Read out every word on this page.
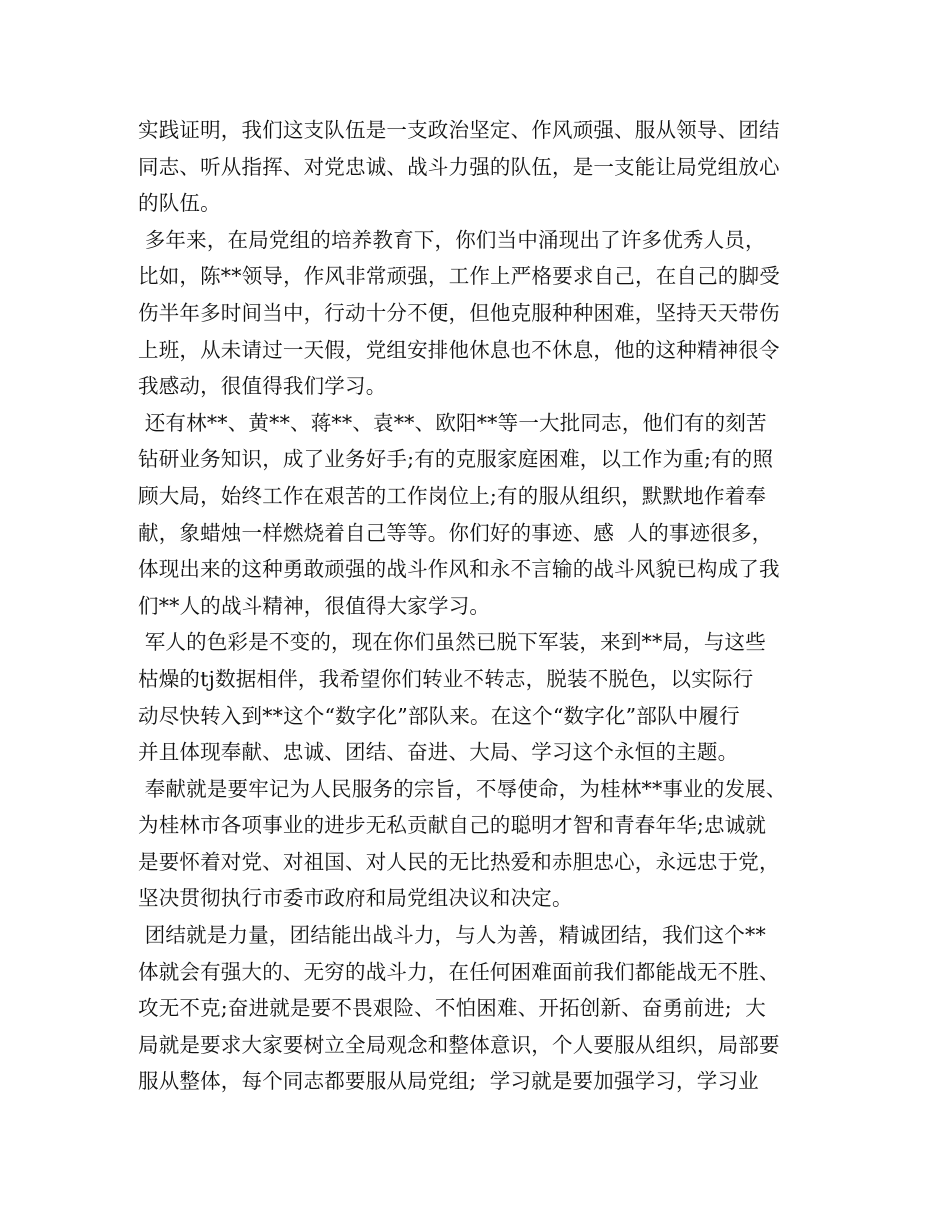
实践证明，我们这支队伍是一支政治坚定、作风顽强、服从领导、团结
同志、听从指挥、对党忠诚、战斗力强的队伍，是一支能让局党组放心
的队伍。
多年来，在局党组的培养教育下，你们当中涌现出了许多优秀人员，
比如，陈**领导，作风非常顽强，工作上严格要求自己，在自己的脚受
伤半年多时间当中，行动十分不便，但他克服种种困难，坚持天天带伤
上班，从未请过一天假，党组安排他休息也不休息，他的这种精神很令
我感动，很值得我们学习。
还有林**、黄**、蒋**、袁**、欧阳**等一大批同志，他们有的刻苦
钻研业务知识，成了业务好手;有的克服家庭困难，以工作为重;有的照
顾大局，始终工作在艰苦的工作岗位上;有的服从组织，默默地作着奉
献，象蜡烛一样燃烧着自己等等。你们好的事迹、感  人的事迹很多，
体现出来的这种勇敢顽强的战斗作风和永不言输的战斗风貌已构成了我
们**人的战斗精神，很值得大家学习。
军人的色彩是不变的，现在你们虽然已脱下军装，来到**局，与这些
枯燥的tj数据相伴，我希望你们转业不转志，脱装不脱色，以实际行
动尽快转入到**这个“数字化”部队来。在这个“数字化”部队中履行
并且体现奉献、忠诚、团结、奋进、大局、学习这个永恒的主题。
奉献就是要牢记为人民服务的宗旨，不辱使命，为桂林**事业的发展、
为桂林市各项事业的进步无私贡献自己的聪明才智和青春年华;忠诚就
是要怀着对党、对祖国、对人民的无比热爱和赤胆忠心，永远忠于党，
坚决贯彻执行市委市政府和局党组决议和决定。
团结就是力量，团结能出战斗力，与人为善，精诚团结，我们这个**
体就会有强大的、无穷的战斗力，在任何困难面前我们都能战无不胜、
攻无不克;奋进就是要不畏艰险、不怕困难、开拓创新、奋勇前进;  大
局就是要求大家要树立全局观念和整体意识，个人要服从组织，局部要
服从整体，每个同志都要服从局党组;  学习就是要加强学习，学习业
